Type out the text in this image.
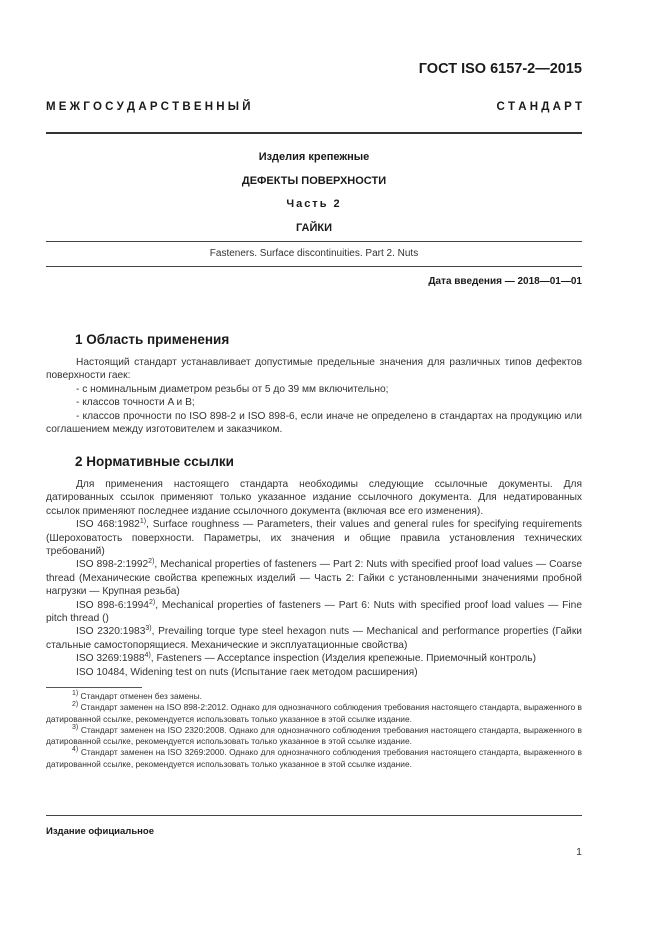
ГОСТ ISO 6157-2—2015
М Е Ж Г О С У Д А Р С Т В Е Н Н Ы Й	С Т А Н Д А Р Т
Изделия крепежные
ДЕФЕКТЫ ПОВЕРХНОСТИ
Часть 2
ГАЙКИ
Fasteners. Surface discontinuities. Part 2. Nuts
Дата введения — 2018—01—01
1 Область применения

Настоящий стандарт устанавливает допустимые предельные значения для различных типов дефектов поверхности гаек:

- с номинальным диаметром резьбы от 5 до 39 мм включительно;

- классов точности A и B;

- классов прочности по ISO 898-2 и ISO 898-6, если иначе не определено в стандартах на продукцию или соглашением между изготовителем и заказчиком.

2 Нормативные ссылки

Для применения настоящего стандарта необходимы следующие ссылочные документы. Для датированных ссылок применяют только указанное издание ссылочного документа. Для недатированных ссылок применяют последнее издание ссылочного документа (включая все его изменения).

ISO 468:1982$^{1)}$, Surface roughness — Parameters, their values and general rules for specifying requirements (Шероховатость поверхности. Параметры, их значения и общие правила установления технических требований)

ISO 898-2:1992$^{2)}$, Mechanical properties of fasteners — Part 2: Nuts with specified proof load values — Coarse thread (Механические свойства крепежных изделий — Часть 2: Гайки с установленными значениями пробной нагрузки — Крупная резьба)

ISO 898-6:1994$^{2)}$, Mechanical properties of fasteners — Part 6: Nuts with specified proof load values — Fine pitch thread ()

ISO 2320:1983$^{3)}$, Prevailing torque type steel hexagon nuts — Mechanical and performance properties (Гайки стальные самостопорящиеся. Механические и эксплуатационные свойства)

ISO 3269:1988$^{4)}$, Fasteners — Acceptance inspection (Изделия крепежные. Приемочный контроль)

ISO 10484, Widening test on nuts (Испытание гаек методом расширения)

$^{1)}$ Стандарт отменен без замены.

$^{2)}$ Стандарт заменен на ISO 898-2:2012. Однако для однозначного соблюдения требования настоящего стандарта, выраженного в датированной ссылке, рекомендуется использовать только указанное в этой ссылке издание.

$^{3)}$ Стандарт заменен на ISO 2320:2008. Однако для однозначного соблюдения требования настоящего стандарта, выраженного в датированной ссылке, рекомендуется использовать только указанное в этой ссылке издание.

$^{4)}$ Стандарт заменен на ISO 3269:2000. Однако для однозначного соблюдения требования настоящего стандарта, выраженного в датированной ссылке, рекомендуется использовать только указанное в этой ссылке издание.

Издание официальное
1
